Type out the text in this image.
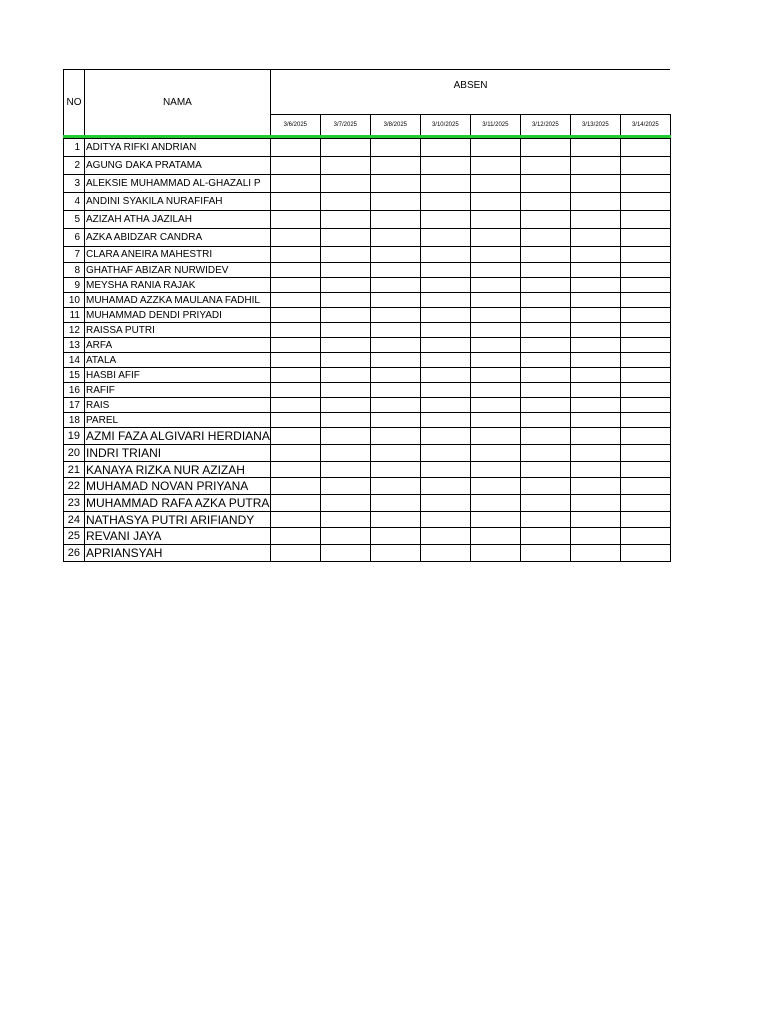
NO	NAMA	ABSEN							
		3/6/2025	3/7/2025	3/8/2025	3/10/2025	3/11/2025	3/12/2025	3/13/2025	3/14/2025

1	ADITYA RIFKI ANDRIAN								
2	AGUNG DAKA PRATAMA								
3	ALEKSIE MUHAMMAD AL-GHAZALI P								
4	ANDINI SYAKILA NURAFIFAH								
5	AZIZAH ATHA JAZILAH								
6	AZKA ABIDZAR CANDRA								
7	CLARA ANEIRA MAHESTRI								
8	GHATHAF ABIZAR NURWIDEV								
9	MEYSHA RANIA RAJAK								
10	MUHAMAD AZZKA MAULANA FADHIL								
11	MUHAMMAD DENDI PRIYADI								
12	RAISSA PUTRI								
13	ARFA								
14	ATALA								
15	HASBI AFIF								
16	RAFIF								
17	RAIS								
18	PAREL								
19	AZMI FAZA ALGIVARI HERDIANA								
20	INDRI TRIANI								
21	KANAYA RIZKA NUR AZIZAH								
22	MUHAMAD NOVAN PRIYANA								
23	MUHAMMAD RAFA AZKA PUTRA								
24	NATHASYA PUTRI ARIFIANDY								
25	REVANI JAYA								
26	APRIANSYAH								
